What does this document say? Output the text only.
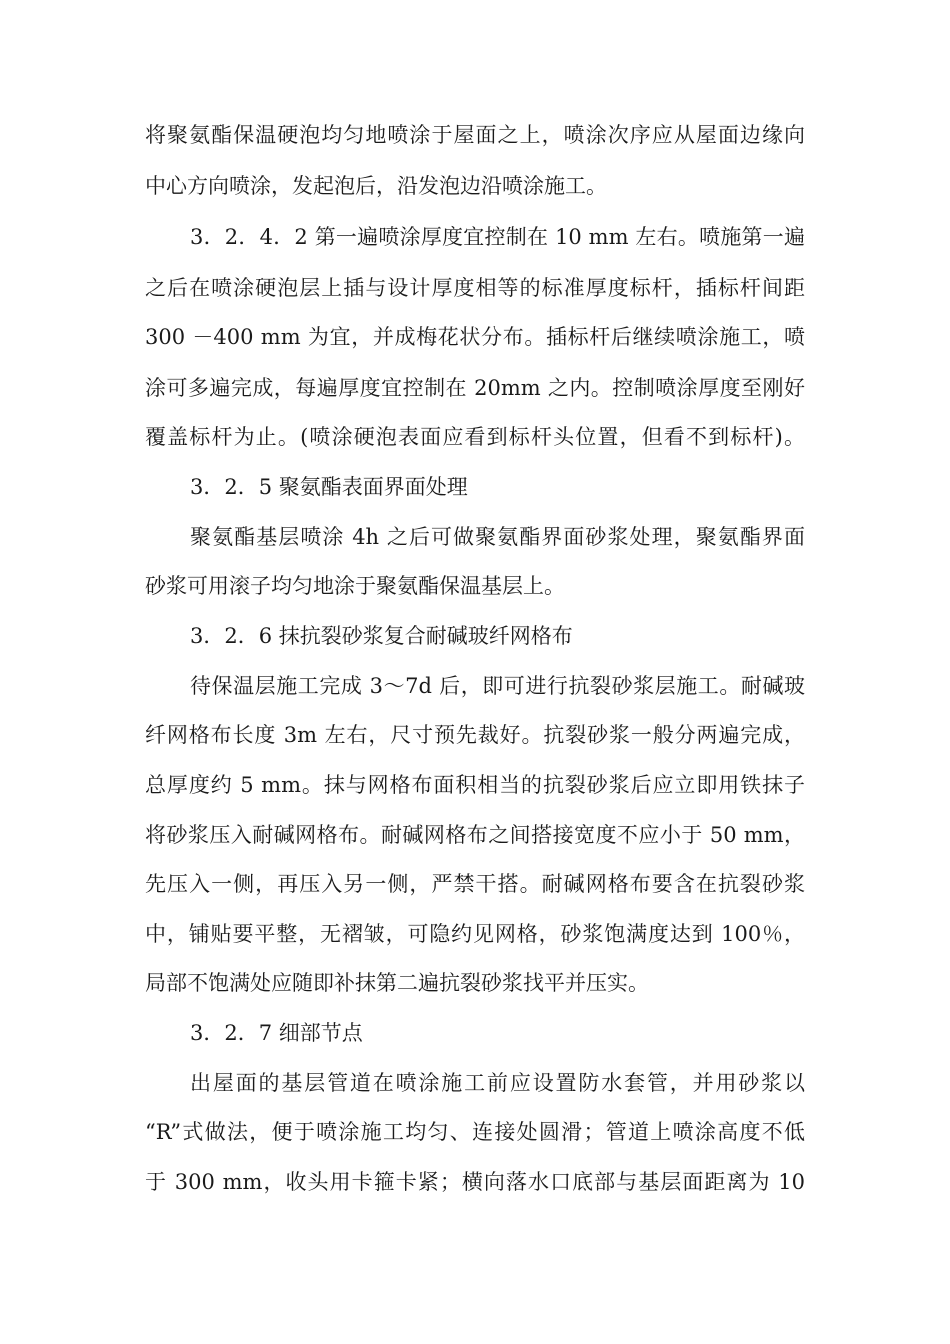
将聚氨酯保温硬泡均匀地喷涂于屋面之上，喷涂次序应从屋面边缘向
中心方向喷涂，发起泡后，沿发泡边沿喷涂施工。
3．2．4．2 第一遍喷涂厚度宜控制在 10 mm 左右。喷施第一遍
之后在喷涂硬泡层上插与设计厚度相等的标准厚度标杆，插标杆间距
300 －400 mm 为宜，并成梅花状分布。插标杆后继续喷涂施工，喷
涂可多遍完成，每遍厚度宜控制在 20mm 之内。控制喷涂厚度至刚好
覆盖标杆为止。(喷涂硬泡表面应看到标杆头位置，但看不到标杆)。
3．2．5 聚氨酯表面界面处理
聚氨酯基层喷涂 4h 之后可做聚氨酯界面砂浆处理，聚氨酯界面
砂浆可用滚子均匀地涂于聚氨酯保温基层上。
3．2．6 抹抗裂砂浆复合耐碱玻纤网格布
待保温层施工完成 3～7d 后，即可进行抗裂砂浆层施工。耐碱玻
纤网格布长度 3m 左右，尺寸预先裁好。抗裂砂浆一般分两遍完成，
总厚度约 5 mm。抹与网格布面积相当的抗裂砂浆后应立即用铁抹子
将砂浆压入耐碱网格布。耐碱网格布之间搭接宽度不应小于 50 mm，
先压入一侧，再压入另一侧，严禁干搭。耐碱网格布要含在抗裂砂浆
中，铺贴要平整，无褶皱，可隐约见网格，砂浆饱满度达到 100％，
局部不饱满处应随即补抹第二遍抗裂砂浆找平并压实。
3．2．7 细部节点
出屋面的基层管道在喷涂施工前应设置防水套管，并用砂浆以
“R”式做法，便于喷涂施工均匀、连接处圆滑；管道上喷涂高度不低
于 300 mm，收头用卡箍卡紧；横向落水口底部与基层面距离为 10
